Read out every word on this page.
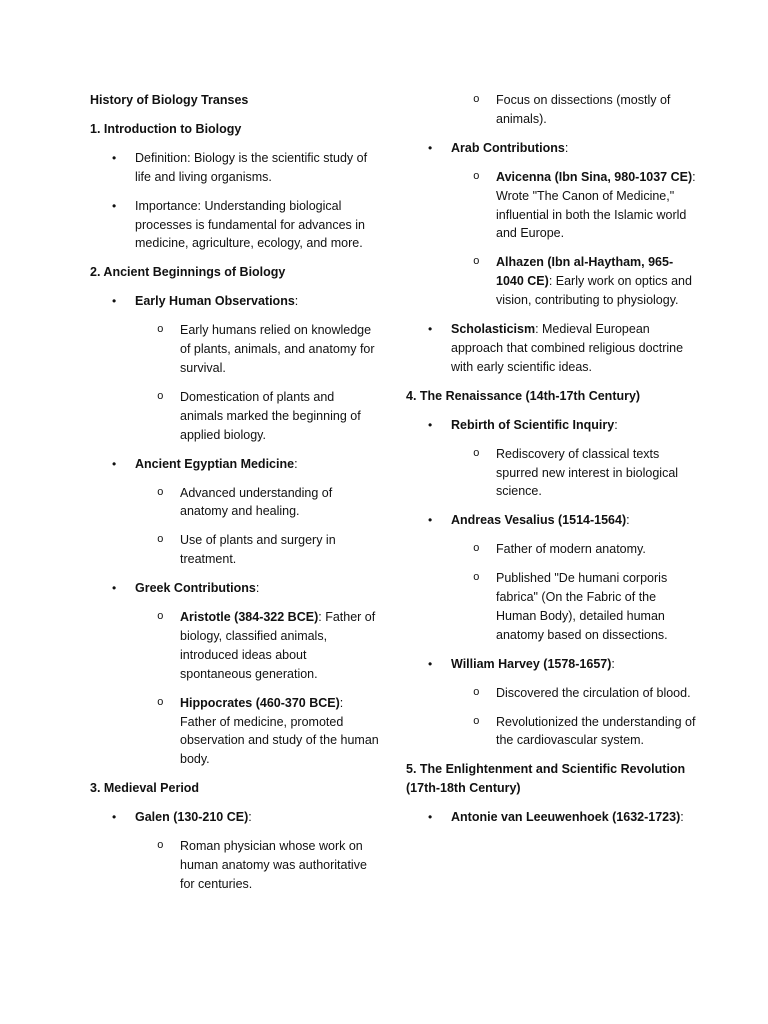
History of Biology Transes
1. Introduction to Biology
• Definition: Biology is the scientific study of life and living organisms.
• Importance: Understanding biological processes is fundamental for advances in medicine, agriculture, ecology, and more.
2. Ancient Beginnings of Biology
• Early Human Observations:
o Early humans relied on knowledge of plants, animals, and anatomy for survival.
o Domestication of plants and animals marked the beginning of applied biology.
• Ancient Egyptian Medicine:
o Advanced understanding of anatomy and healing.
o Use of plants and surgery in treatment.
• Greek Contributions:
o Aristotle (384-322 BCE): Father of biology, classified animals, introduced ideas about spontaneous generation.
o Hippocrates (460-370 BCE): Father of medicine, promoted observation and study of the human body.
3. Medieval Period
• Galen (130-210 CE):
o Roman physician whose work on human anatomy was authoritative for centuries.
o Focus on dissections (mostly of animals).
• Arab Contributions:
o Avicenna (Ibn Sina, 980-1037 CE): Wrote "The Canon of Medicine," influential in both the Islamic world and Europe.
o Alhazen (Ibn al-Haytham, 965-1040 CE): Early work on optics and vision, contributing to physiology.
• Scholasticism: Medieval European approach that combined religious doctrine with early scientific ideas.
4. The Renaissance (14th-17th Century)
• Rebirth of Scientific Inquiry:
o Rediscovery of classical texts spurred new interest in biological science.
• Andreas Vesalius (1514-1564):
o Father of modern anatomy.
o Published "De humani corporis fabrica" (On the Fabric of the Human Body), detailed human anatomy based on dissections.
• William Harvey (1578-1657):
o Discovered the circulation of blood.
o Revolutionized the understanding of the cardiovascular system.
5. The Enlightenment and Scientific Revolution (17th-18th Century)
• Antonie van Leeuwenhoek (1632-1723):
